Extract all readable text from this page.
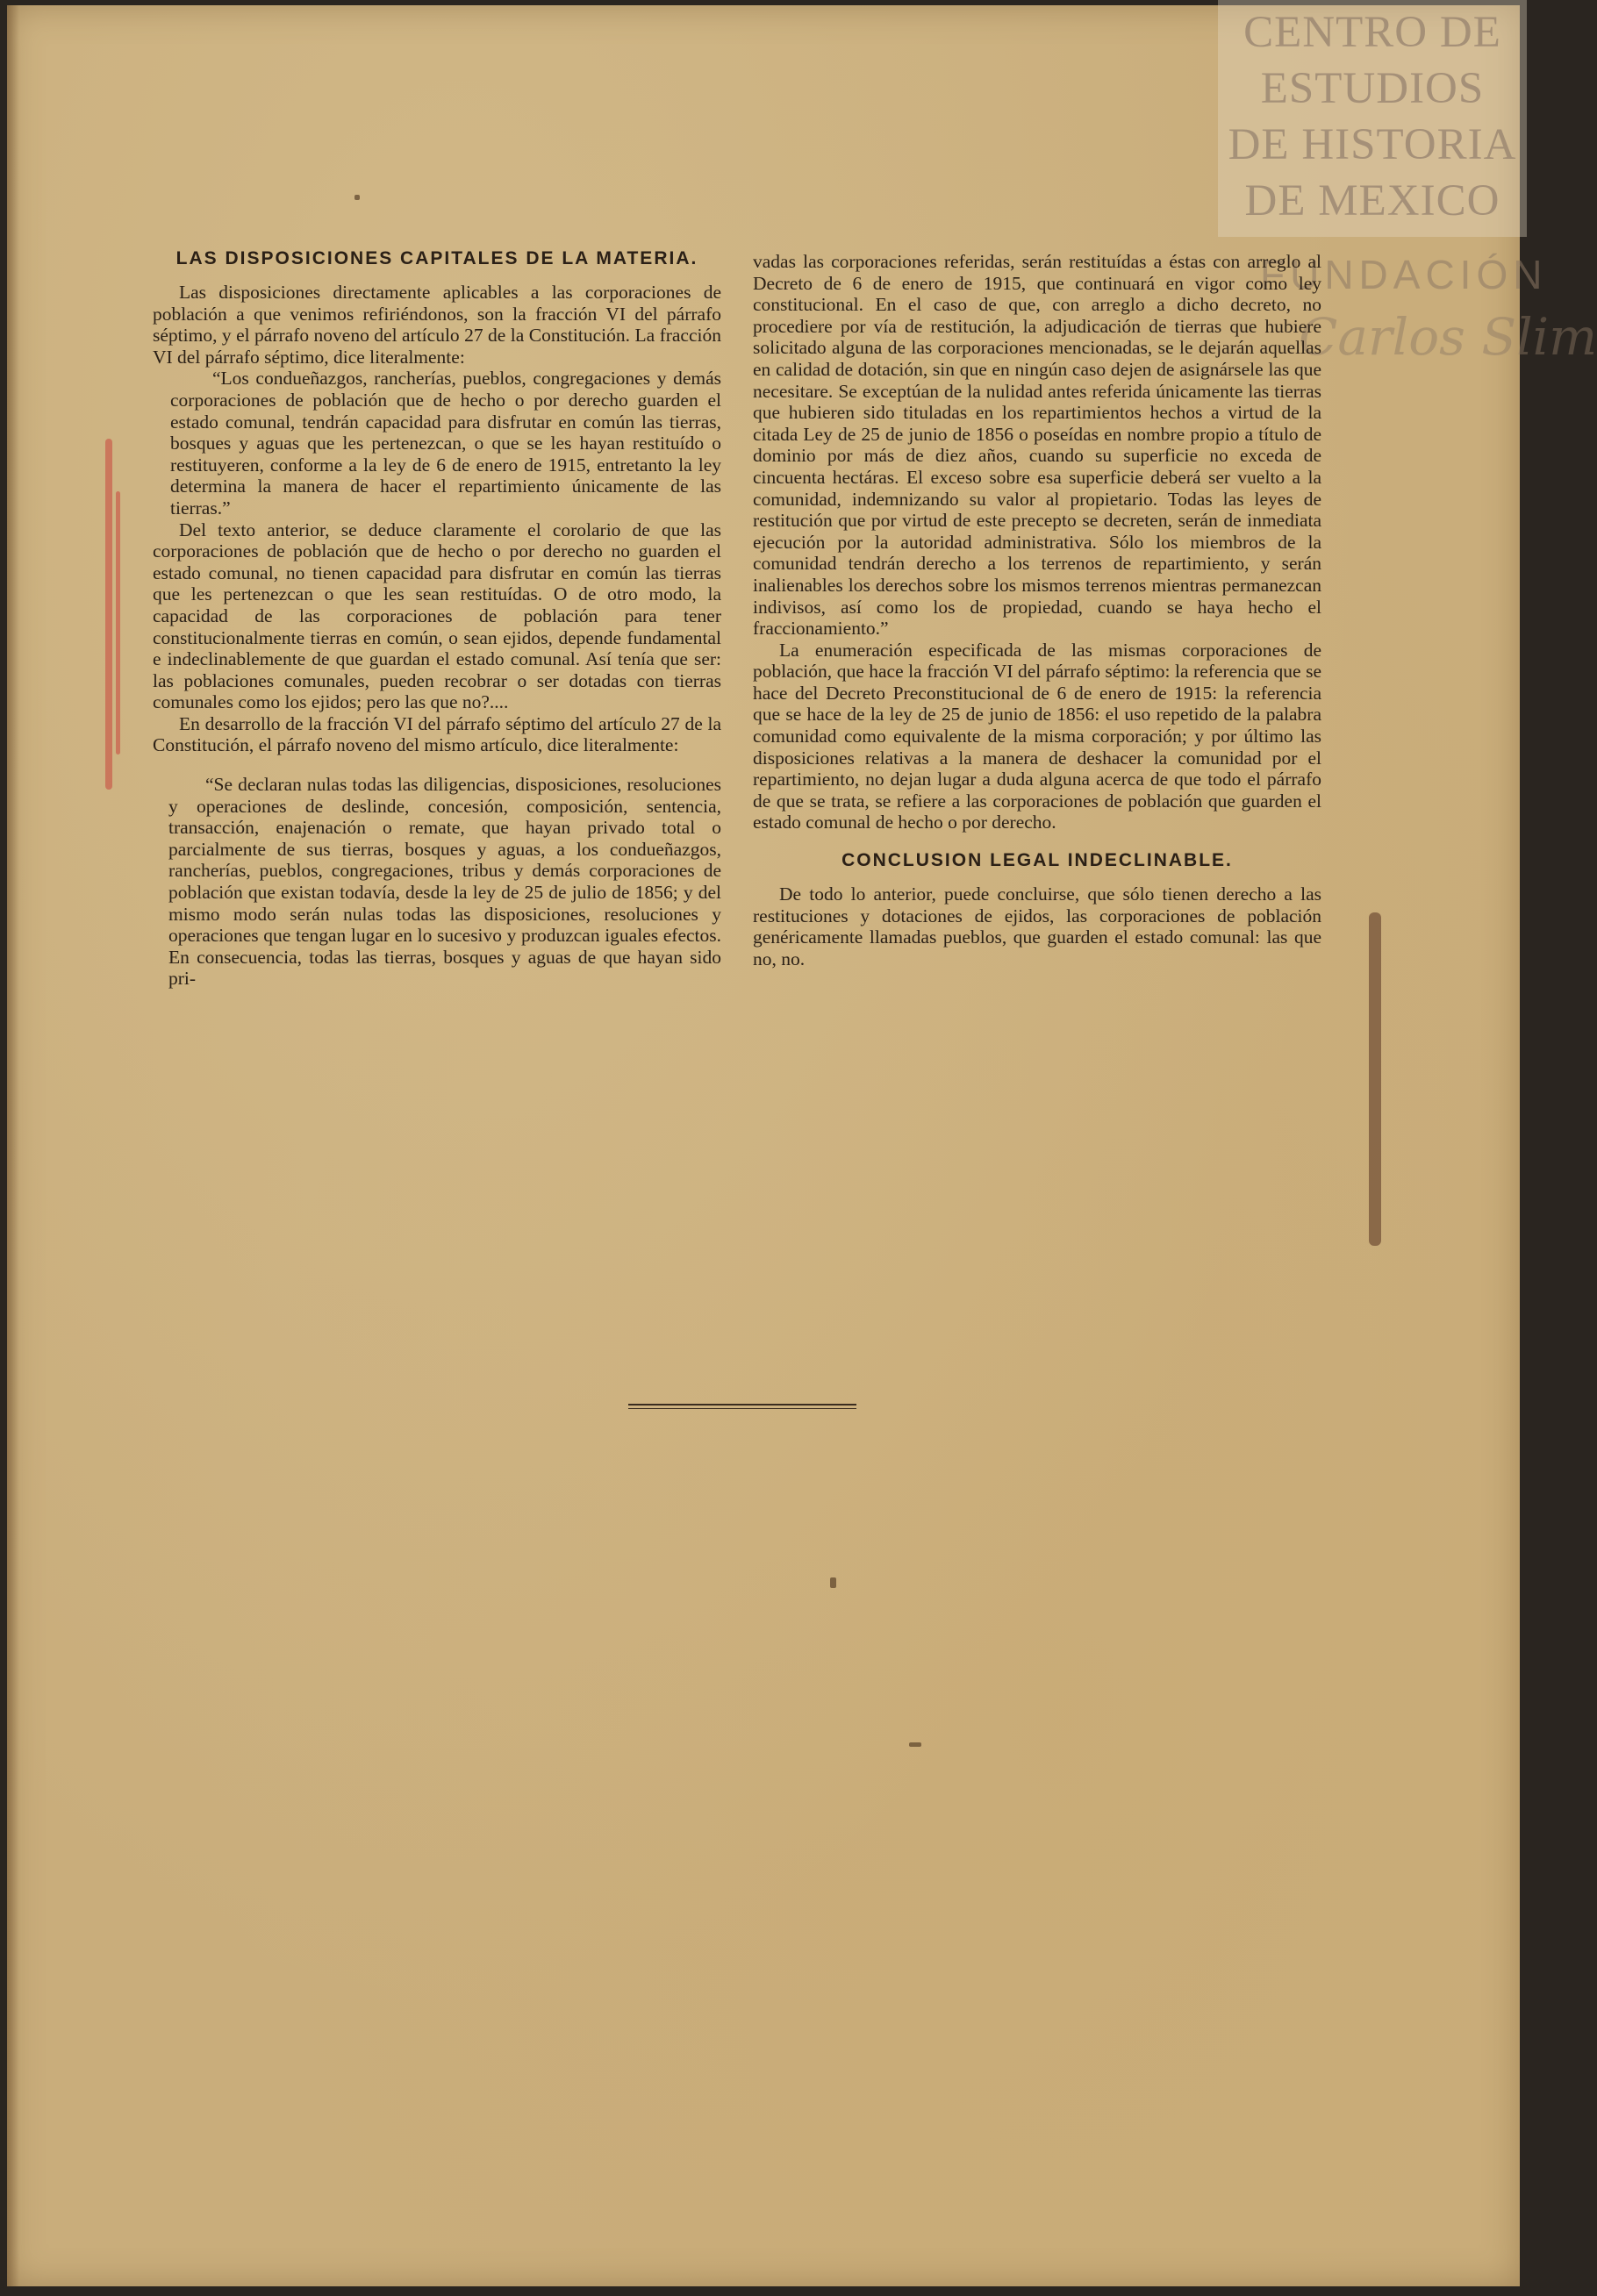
CENTRO DE
ESTUDIOS
DE HISTORIA
DE MEXICO
FUNDACIÓN
Carlos Slim
LAS DISPOSICIONES CAPITALES DE LA MATERIA.

Las disposiciones directamente aplicables a las corporaciones de población a que venimos refiriéndonos, son la fracción VI del párrafo séptimo, y el párrafo noveno del artículo 27 de la Constitución. La fracción VI del párrafo séptimo, dice literalmente:

“Los condueñazgos, rancherías, pueblos, congregaciones y demás corporaciones de población que de hecho o por derecho guarden el estado comunal, tendrán capacidad para disfrutar en común las tierras, bosques y aguas que les pertenezcan, o que se les hayan restituído o restituyeren, conforme a la ley de 6 de enero de 1915, entretanto la ley determina la manera de hacer el repartimiento únicamente de las tierras.”

Del texto anterior, se deduce claramente el corolario de que las corporaciones de población que de hecho o por derecho no guarden el estado comunal, no tienen capacidad para disfrutar en común las tierras que les pertenezcan o que les sean restituídas. O de otro modo, la capacidad de las corporaciones de población para tener constitucionalmente tierras en común, o sean ejidos, depende fundamental e indeclinablemente de que guardan el estado comunal. Así tenía que ser: las poblaciones comunales, pueden recobrar o ser dotadas con tierras comunales como los ejidos; pero las que no?....

En desarrollo de la fracción VI del párrafo séptimo del artículo 27 de la Constitución, el párrafo noveno del mismo artículo, dice literalmente:

“Se declaran nulas todas las diligencias, disposiciones, resoluciones y operaciones de deslinde, concesión, composición, sentencia, transacción, enajenación o remate, que hayan privado total o parcialmente de sus tierras, bosques y aguas, a los condueñazgos, rancherías, pueblos, congregaciones, tribus y demás corporaciones de población que existan todavía, desde la ley de 25 de julio de 1856; y del mismo modo serán nulas todas las disposiciones, resoluciones y operaciones que tengan lugar en lo sucesivo y produzcan iguales efectos. En consecuencia, todas las tierras, bosques y aguas de que hayan sido pri-

vadas las corporaciones referidas, serán restituídas a éstas con arreglo al Decreto de 6 de enero de 1915, que continuará en vigor como ley constitucional. En el caso de que, con arreglo a dicho decreto, no procediere por vía de restitución, la adjudicación de tierras que hubiere solicitado alguna de las corporaciones mencionadas, se le dejarán aquellas en calidad de dotación, sin que en ningún caso dejen de asignársele las que necesitare. Se exceptúan de la nulidad antes referida únicamente las tierras que hubieren sido tituladas en los repartimientos hechos a virtud de la citada Ley de 25 de junio de 1856 o poseídas en nombre propio a título de dominio por más de diez años, cuando su superficie no exceda de cincuenta hectáras. El exceso sobre esa superficie deberá ser vuelto a la comunidad, indemnizando su valor al propietario. Todas las leyes de restitución que por virtud de este precepto se decreten, serán de inmediata ejecución por la autoridad administrativa. Sólo los miembros de la comunidad tendrán derecho a los terrenos de repartimiento, y serán inalienables los derechos sobre los mismos terrenos mientras permanezcan indivisos, así como los de propiedad, cuando se haya hecho el fraccionamiento.”

La enumeración especificada de las mismas corporaciones de población, que hace la fracción VI del párrafo séptimo: la referencia que se hace del Decreto Preconstitucional de 6 de enero de 1915: la referencia que se hace de la ley de 25 de junio de 1856: el uso repetido de la palabra comunidad como equivalente de la misma corporación; y por último las disposiciones relativas a la manera de deshacer la comunidad por el repartimiento, no dejan lugar a duda alguna acerca de que todo el párrafo de que se trata, se refiere a las corporaciones de población que guarden el estado comunal de hecho o por derecho.

CONCLUSION LEGAL INDECLINABLE.

De todo lo anterior, puede concluirse, que sólo tienen derecho a las restituciones y dotaciones de ejidos, las corporaciones de población genéricamente llamadas pueblos, que guarden el estado comunal: las que no, no.
